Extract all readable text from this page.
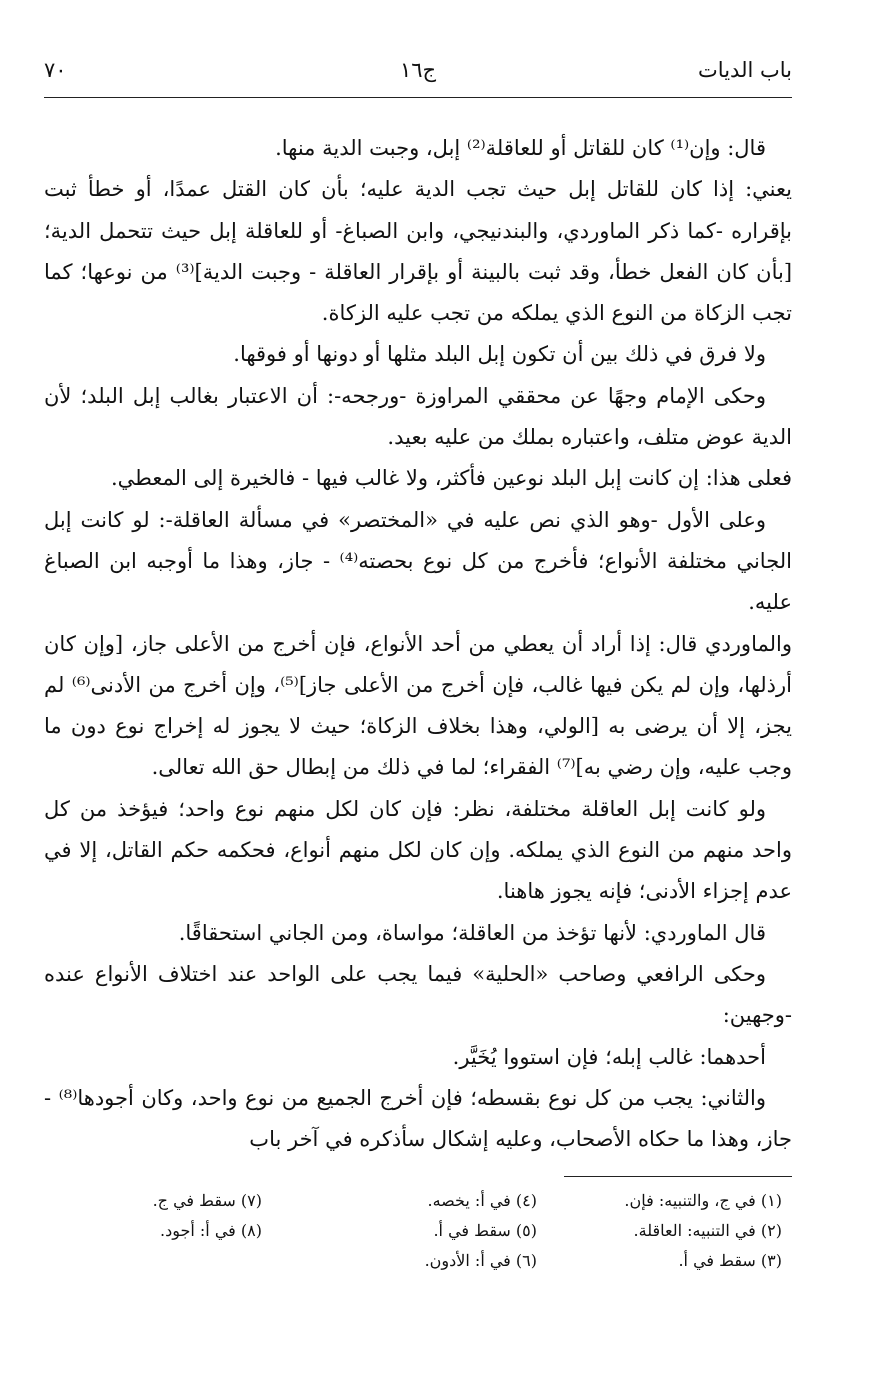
باب الديات
ج١٦
٧٠

قال: وإن⁽¹⁾ كان للقاتل أو للعاقلة⁽²⁾ إبل، وجبت الدية منها.

يعني: إذا كان للقاتل إبل حيث تجب الدية عليه؛ بأن كان القتل عمدًا، أو خطأ ثبت بإقراره -كما ذكر الماوردي، والبندنيجي، وابن الصباغ- أو للعاقلة إبل حيث تتحمل الدية؛ [بأن كان الفعل خطأ، وقد ثبت بالبينة أو بإقرار العاقلة - وجبت الدية]⁽³⁾ من نوعها؛ كما تجب الزكاة من النوع الذي يملكه من تجب عليه الزكاة.

ولا فرق في ذلك بين أن تكون إبل البلد مثلها أو دونها أو فوقها.

وحكى الإمام وجهًا عن محققي المراوزة -ورجحه-: أن الاعتبار بغالب إبل البلد؛ لأن الدية عوض متلف، واعتباره بملك من عليه بعيد.

فعلى هذا: إن كانت إبل البلد نوعين فأكثر، ولا غالب فيها - فالخيرة إلى المعطي.

وعلى الأول -وهو الذي نص عليه في «المختصر» في مسألة العاقلة-: لو كانت إبل الجاني مختلفة الأنواع؛ فأخرج من كل نوع بحصته⁽⁴⁾ - جاز، وهذا ما أوجبه ابن الصباغ عليه.

والماوردي قال: إذا أراد أن يعطي من أحد الأنواع، فإن أخرج من الأعلى جاز، [وإن كان أرذلها، وإن لم يكن فيها غالب، فإن أخرج من الأعلى جاز]⁽⁵⁾، وإن أخرج من الأدنى⁽⁶⁾ لم يجز، إلا أن يرضى به [الولي، وهذا بخلاف الزكاة؛ حيث لا يجوز له إخراج نوع دون ما وجب عليه، وإن رضي به]⁽⁷⁾ الفقراء؛ لما في ذلك من إبطال حق الله تعالى.

ولو كانت إبل العاقلة مختلفة، نظر: فإن كان لكل منهم نوع واحد؛ فيؤخذ من كل واحد منهم من النوع الذي يملكه. وإن كان لكل منهم أنواع، فحكمه حكم القاتل، إلا في عدم إجزاء الأدنى؛ فإنه يجوز هاهنا.

قال الماوردي: لأنها تؤخذ من العاقلة؛ مواساة، ومن الجاني استحقاقًا.

وحكى الرافعي وصاحب «الحلية» فيما يجب على الواحد عند اختلاف الأنواع عنده -وجهين:

أحدهما: غالب إبله؛ فإن استووا يُخَيَّر.

والثاني: يجب من كل نوع بقسطه؛ فإن أخرج الجميع من نوع واحد، وكان أجودها⁽⁸⁾ - جاز، وهذا ما حكاه الأصحاب، وعليه إشكال سأذكره في آخر باب

(١) في ج، والتنبيه: فإن.
(٢) في التنبيه: العاقلة.
(٣) سقط في أ.
(٤) في أ: يخصه.
(٥) سقط في أ.
(٦) في أ: الأدون.
(٧) سقط في ج.
(٨) في أ: أجود.
